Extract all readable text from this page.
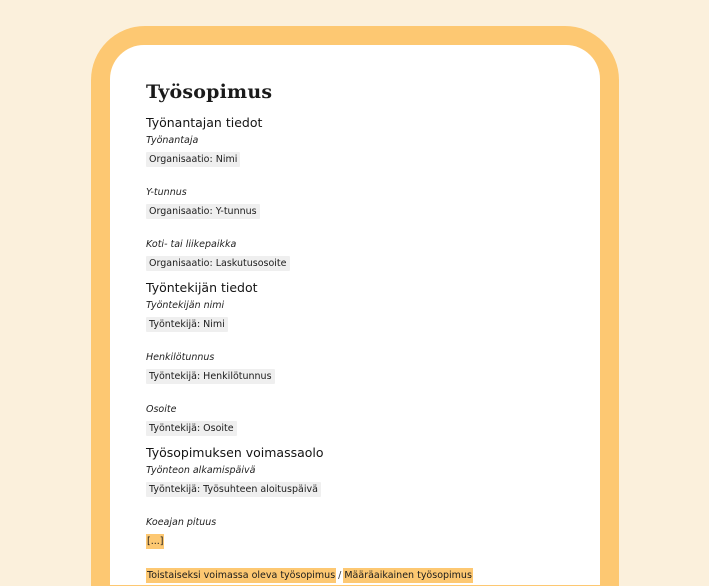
Työsopimus
Työnantajan tiedot
Työnantaja
Organisaatio: Nimi
Y-tunnus
Organisaatio: Y-tunnus
Koti- tai liikepaikka
Organisaatio: Laskutusosoite
Työntekijän tiedot
Työntekijän nimi
Työntekijä: Nimi
Henkilötunnus
Työntekijä: Henkilötunnus
Osoite
Työntekijä: Osoite
Työsopimuksen voimassaolo
Työnteon alkamispäivä
Työntekijä: Työsuhteen aloituspäivä
Koeajan pituus
[...]
Toistaiseksi voimassa oleva työsopimus / Määräaikainen työsopimus
